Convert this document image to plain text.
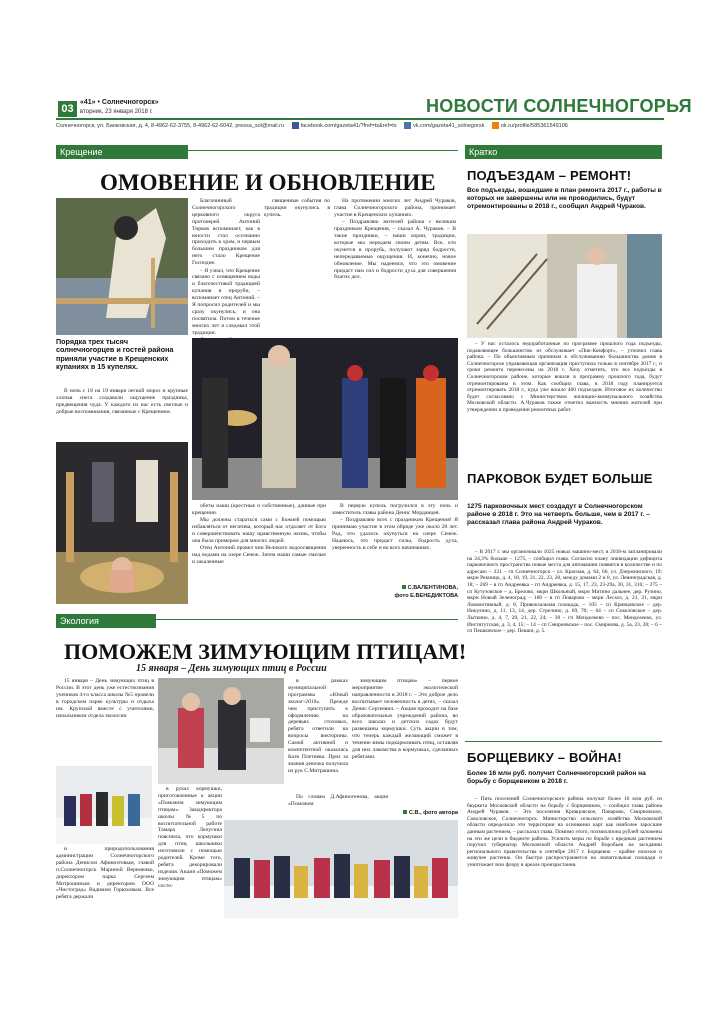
03
«41» • Солнечногорск»
вторник, 23 января 2018 г.	НОВОСТИ СОЛНЕЧНОГОРЬЯ
Солнечногорск, ул. Банковская, д. 4, 8-4962-62-3755, 8-4962-62-6042, pressa_sol@mail.ru	facebook.com/gazeta41/?fref=ts&ref=ts	vk.com/gazeta41_solnegorsk	ok.ru/profile/585361549106
Крещение
ОМОВЕНИЕ И ОБНОВЛЕНИЕ
Порядка трех тысяч солнечногорцев и гостей района приняли участие в Крещенских купаниях в 15 купелях.

В ночь с 18 на 19 января легкий мороз и крупные хлопья снега создавали ощущение праздника, предвещения чуда. У каждого из нас есть светлые и добрые воспоминания, связанные с Крещением.

Благочинный Солнечногорского церковного округа протоиерей Антоний Тирков вспоминает, как в юности стал осознанно приходить в храм, и первым большим праздником для него стало Крещение Господне.

– Я узнал, что Крещение связано с освящением воды и благочестивой традицией купания в проруби, – вспоминает отец Антоний. – Я попросил родителей и мы сразу окунулись, и она посвятила. Потом в течение многих лет я следовал этой традиции.

священные события по традиции окунулись в купель.

На протяжении многих лет Андрей Чураков, глава Солнечногорского района, принимает участие в Крещенских купаниях.

– Поздравляю жителей района с великим праздником Крещения, – сказал А. Чураков. – В такие праздники, – наши корни, традиции, которые мы передаем своим детям. Все, кто окунется в прорубь, получают заряд бодрости, непередаваемые ощущения. И, конечно, новое обновление. Мы надеемся, что это омовение придаст нам сил и бодрости духа для совершения благих дел.

обеты наши (крестные и собственные), данные при крещении.

Мы должны стараться сами с Божией помощью избавляться от негатива, который нас отдаляет от Бога и совершенствовать нашу нравственную жизнь, чтобы она была примером для многих людей.

Отец Антоний провел чин Великого водоосвящения над водами на озере Сенеж. Затем наши самые смелые и закаленные

В первую купель погрузился в эту ночь и заместитель главы района Денис Морданцев.

– Поздравляю всех с праздником Крещения! Я принимаю участие в этом обряде уже около 20 лет. Рад, что удалось окунуться на озере Сенеж. Надеюсь, это придаст силы, бодрость духа, уверенность в себе и во всех начинаниях.

С.ВАЛЕНТИНОВА,
фото Е.ВЕНЕДИКТОВА
Экология
ПОМОЖЕМ ЗИМУЮЩИМ ПТИЦАМ!
15 января – День зимующих птиц в России

15 января – День зимующих птиц в России. В этот день уже естествознания учеников 4-го класса школы №5 провели в городском парке культуры и отдыха им. Крупской вместе с учителями, начальником отдела экологии

и природопользования администрации Солнечногорского района Денисом Афинозтовым, главой п.Солнечногорск Мариной Веременко, директором парка Сергеем Митрошиным и директором ООО «Чистоград» Вадимом Горюховым. Все ребята держали

в руках кормушки, приготовленные к акции «Поможем зимующим птицам». Замдиректора школы №5 по воспитательной работе Тамара Лепугина пояснила, что кормушки для птиц школьники изготовили с помощью родителей. Кроме того, ребята декорировали изделия. Акция «Поможем зимующим птицам» состо-

в рамках муниципальной программы «Юный эколог-2018». Прежде чем приступить к оформлению на деревьях столовых, ребята ответили на вопросы викторины. Самой активной и компетентной оказалась Катя Плетнева. Приз за знания девочка получила из рук С.Митрашина.

зимующим птицам» – первое мероприятие экологической направленности в 2018 г. – Это доброе дело воспитывает человечность в детях, – сказал Денис Сергеевич. – Акция проходит на базе образовательных учреждений района, во всех школах и детских садах будут развешаны кормушки. Суть акции в том, что теперь каждый желающий сможет в течение зимы подкармливать птиц, оставляя для них лакомства в кормушках, сделанных ребятами.

По словам Д.Афиногенова, акция «Поможем

С.В., фото автора
Кратко
ПОДЪЕЗДАМ – РЕМОНТ!
Все подъезды, вошедшие в план ремонта 2017 г., работы в которых не завершены или не проводились, будут отремонтированы в 2018 г., сообщил Андрей Чураков.

– У нас осталось недоработанные по программе прошлого года подъезды, подавляющее большинство из обслуживает «Пик-Комфорт», – уточнил глава района. – По объективным причинам к обслуживанию большинства домов в Солнечногорске управляющая организация приступила только в сентябре 2017 г., и сроки ремонта перенесены на 2018 г. Хочу отметить, что все подъезды в Солнечногорском районе, которые вошли в программу прошлого года, будут отремонтированы в этом. Как сообщил глава, в 2018 году планируется отремонтировать 2018 г., куда уже вошло 460 подъездов. Итоговое их количество будет согласовано с Министерством жилищно-коммунального хозяйства Московской области. А.Чураков также отметил важность мнения жителей при утверждении и проведении ремонтных работ.

ПАРКОВОК БУДЕТ БОЛЬШЕ
1275 парковочных мест создадут в Солнечногорском районе в 2018 г. Это на четверть больше, чем в 2017 г. – рассказал глава района Андрей Чураков.

– В 2017 г. мы организовали 1025 новых машино-мест, в 2018-м запланировали на 24,3% больше – 1275, – сообщил глава. Согласно плану ликвидации дефицита парковочного пространства новые места для автомашин появятся в количестве и по адресам: – 331 – гп Солнечногорск – ул. Красная, д. 64, 66, ул. Дзержинского, 19; мкрн Рекинцо, д. 4, 18, 19, 21, 22, 23, 28, между домами 2 и 8, ул. Ленинградская, д. 18; – 269 – в гп Андреевка – гп Андреевка, д. 15, 17, 23, 23-29а, 30, 31, 316; – 275 – сп Кутузовское – д. Брехово, мкрн Школьный, мкрн Митино дальнее, дер. Рузино, мкрн Новый Зеленоград; – 180 – в гп Поварово – мкрн Лесхоз, д. 21, 31, мкрн Локомотивный, д. 8, Привокзальная площадь; – 105 – сп Кривцовское – дер. Никулино, д. 11, 13, 14, дер. Стрелино, д. 69, 70; – 64 – сп Соколовское – дер. Лыткино, д. 4, 7, 20, 21, 22, 24; – 30 – гп Менделеево – пос. Менделеево, ул. Институтская, д. 3, 4, 15; – 14 – сп Смирновское – пос. Смирнова, д. 5а, 23, 28; – 6 – сп Пешковское – дер. Пешки, д. 5.

БОРЩЕВИКУ – ВОЙНА!
Более 16 млн руб. получит Солнечногорский район на борьбу с борщевиком в 2018 г.

– Пять поселений Солнечногорского района получат более 16 млн руб. из бюджета Московской области на борьбу с борщевиком, – сообщил глава района Андрей Чураков. – Это поселения Кривцовское, Поварово, Смирновское, Соколовское, Солнечногорск. Министерство сельского хозяйства Московской области определило эти территории на основании карт как наиболее заросшие данным растением, – рассказал глава. Помимо этого, полмиллиона рублей заложены на эти же цели в бюджете района. Усилить меры по борьбе с вредным растением поручил губернатор Московской области Андрей Воробьев на заседании регионального правительства в сентябре 2017 г. Борщевик – крайне опасное и живучее растение. Он быстро распространяется на значительные площади и уничтожает всю флору в ареале произрастания.
